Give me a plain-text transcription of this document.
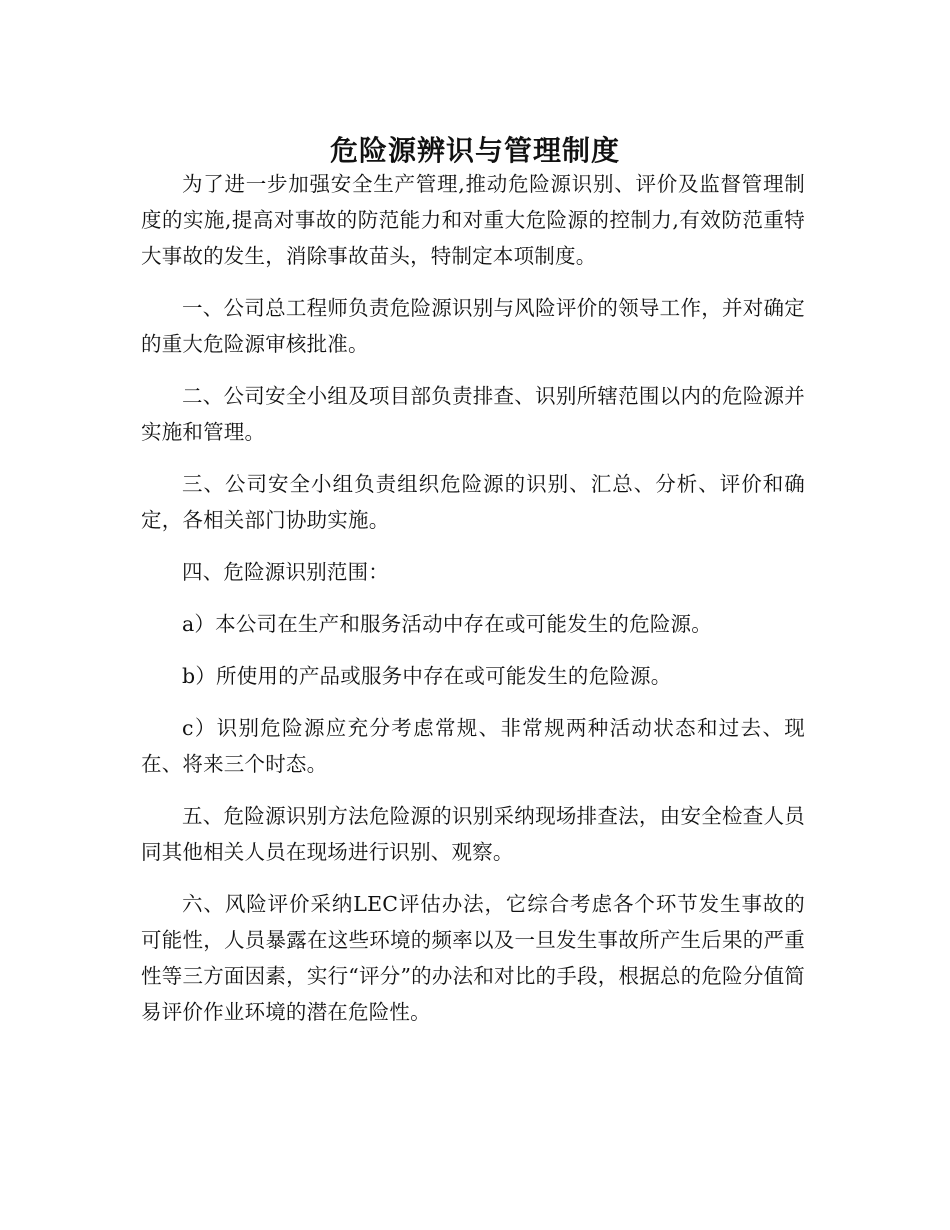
危险源辨识与管理制度

为了进一步加强安全生产管理,推动危险源识别、评价及监督管理制度的实施,提高对事故的防范能力和对重大危险源的控制力,有效防范重特大事故的发生，消除事故苗头，特制定本项制度。

一、公司总工程师负责危险源识别与风险评价的领导工作，并对确定的重大危险源审核批准。

二、公司安全小组及项目部负责排查、识别所辖范围以内的危险源并实施和管理。

三、公司安全小组负责组织危险源的识别、汇总、分析、评价和确定，各相关部门协助实施。

四、危险源识别范围：

a）本公司在生产和服务活动中存在或可能发生的危险源。

b）所使用的产品或服务中存在或可能发生的危险源。

c）识别危险源应充分考虑常规、非常规两种活动状态和过去、现在、将来三个时态。

五、危险源识别方法危险源的识别采纳现场排查法，由安全检查人员同其他相关人员在现场进行识别、观察。

六、风险评价采纳LEC评估办法，它综合考虑各个环节发生事故的可能性，人员暴露在这些环境的频率以及一旦发生事故所产生后果的严重性等三方面因素，实行“评分”的办法和对比的手段，根据总的危险分值简易评价作业环境的潜在危险性。
